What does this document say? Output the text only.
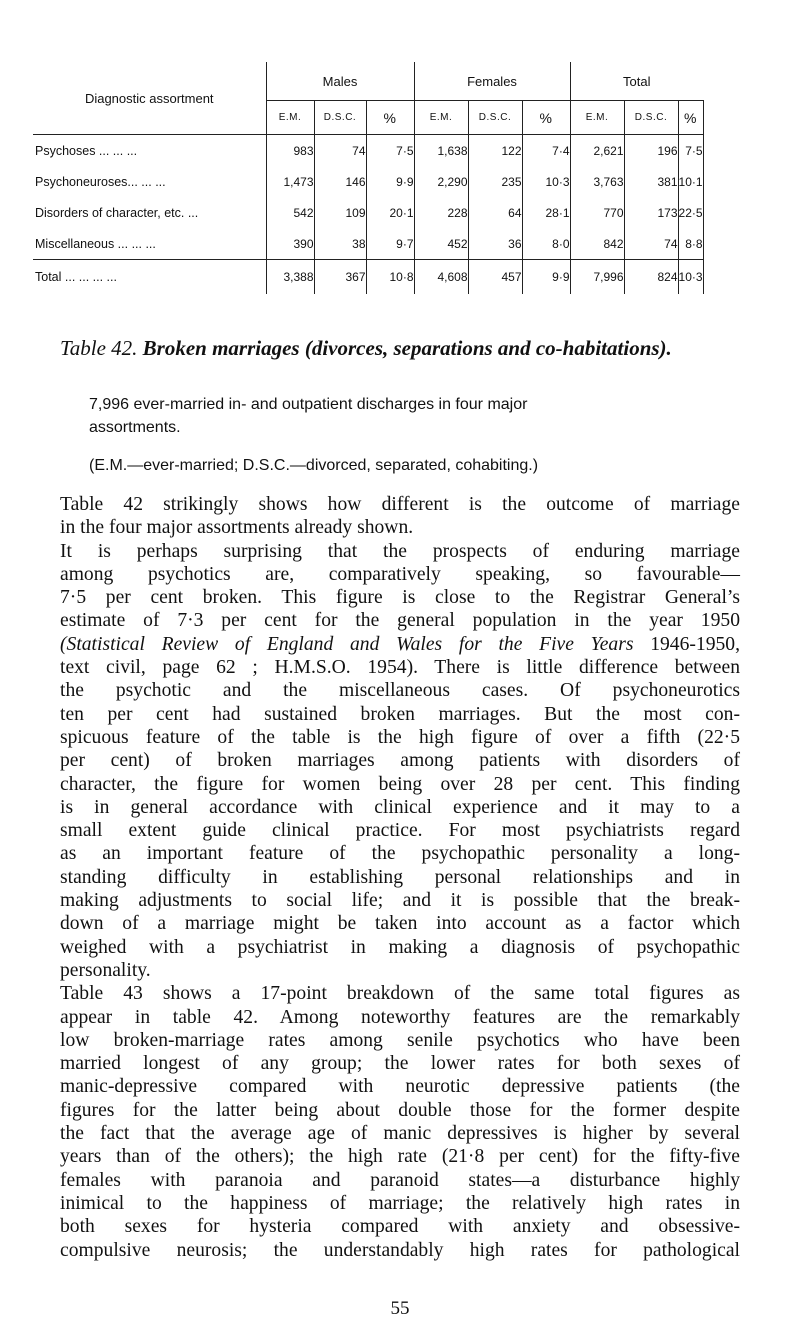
Diagnostic assortment	Males			Females			Total		
	E.M.	D.S.C.	%	E.M.	D.S.C.	%	E.M.	D.S.C.	%
Psychoses ... ... ...	983	74	7·5	1,638	122	7·4	2,621	196	7·5
Psychoneuroses... ... ...	1,473	146	9·9	2,290	235	10·3	3,763	381	10·1
Disorders of character, etc. ...	542	109	20·1	228	64	28·1	770	173	22·5
Miscellaneous ... ... ...	390	38	9·7	452	36	8·0	842	74	8·8
Total ... ... ... ...	3,388	367	10·8	4,608	457	9·9	7,996	824	10·3
Table 42. Broken marriages (divorces, separations and co-habitations).
7,996 ever-married in- and outpatient discharges in four major
assortments.
(E.M.—ever-married; D.S.C.—divorced, separated, cohabiting.)
Table 42 strikingly shows how different is the outcome of marriage
in the four major assortments already shown.
It is perhaps surprising that the prospects of enduring marriage
among psychotics are, comparatively speaking, so favourable—
7·5 per cent broken. This figure is close to the Registrar General’s
estimate of 7·3 per cent for the general population in the year 1950
(Statistical Review of England and Wales for the Five Years 1946-1950,
text civil, page 62 ; H.M.S.O. 1954). There is little difference between
the psychotic and the miscellaneous cases. Of psychoneurotics
ten per cent had sustained broken marriages. But the most con-
spicuous feature of the table is the high figure of over a fifth (22·5
per cent) of broken marriages among patients with disorders of
character, the figure for women being over 28 per cent. This finding
is in general accordance with clinical experience and it may to a
small extent guide clinical practice. For most psychiatrists regard
as an important feature of the psychopathic personality a long-
standing difficulty in establishing personal relationships and in
making adjustments to social life; and it is possible that the break-
down of a marriage might be taken into account as a factor which
weighed with a psychiatrist in making a diagnosis of psychopathic
personality.
Table 43 shows a 17-point breakdown of the same total figures as
appear in table 42. Among noteworthy features are the remarkably
low broken-marriage rates among senile psychotics who have been
married longest of any group; the lower rates for both sexes of
manic-depressive compared with neurotic depressive patients (the
figures for the latter being about double those for the former despite
the fact that the average age of manic depressives is higher by several
years than of the others); the high rate (21·8 per cent) for the fifty-five
females with paranoia and paranoid states—a disturbance highly
inimical to the happiness of marriage; the relatively high rates in
both sexes for hysteria compared with anxiety and obsessive-
compulsive neurosis; the understandably high rates for pathological
55
